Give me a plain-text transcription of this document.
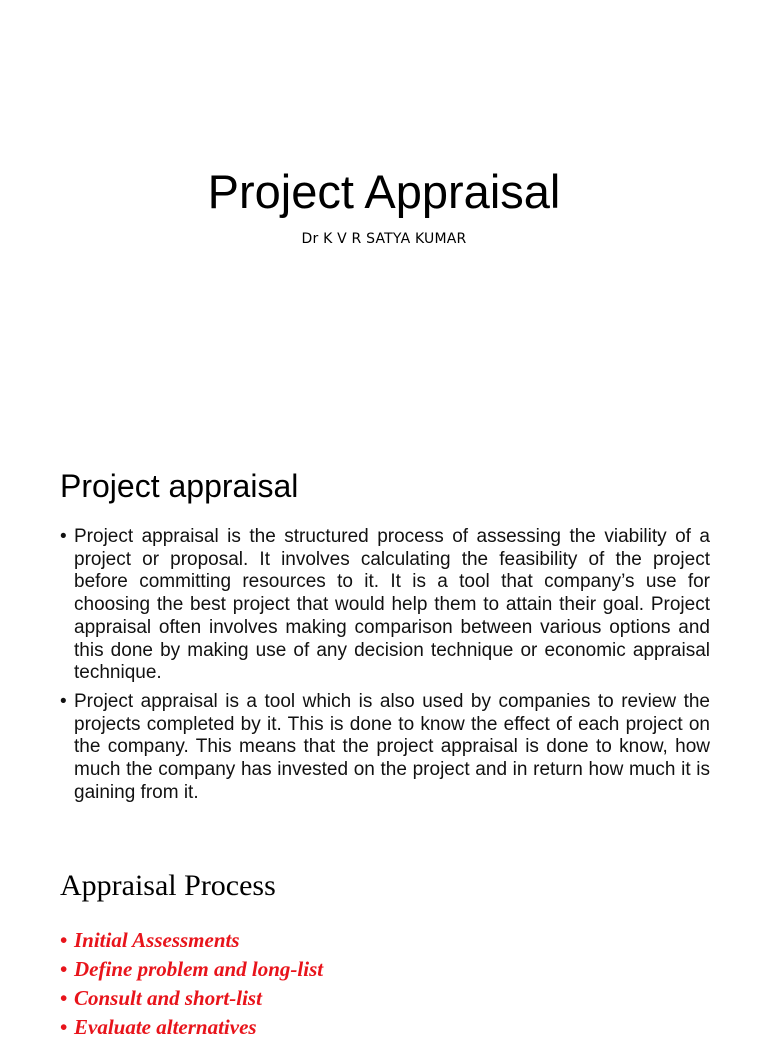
Project Appraisal
Dr K V R SATYA KUMAR
Project appraisal
• Project appraisal is the structured process of assessing the viability of a project or proposal. It involves calculating the feasibility of the project before committing resources to it. It is a tool that company’s use for choosing the best project that would help them to attain their goal. Project appraisal often involves making comparison between various options and this done by making use of any decision technique or economic appraisal technique.
• Project appraisal is a tool which is also used by companies to review the projects completed by it. This is done to know the effect of each project on the company. This means that the project appraisal is done to know, how much the company has invested on the project and in return how much it is gaining from it.
Appraisal Process
• Initial Assessments
• Define problem and long-list
• Consult and short-list
• Evaluate alternatives
